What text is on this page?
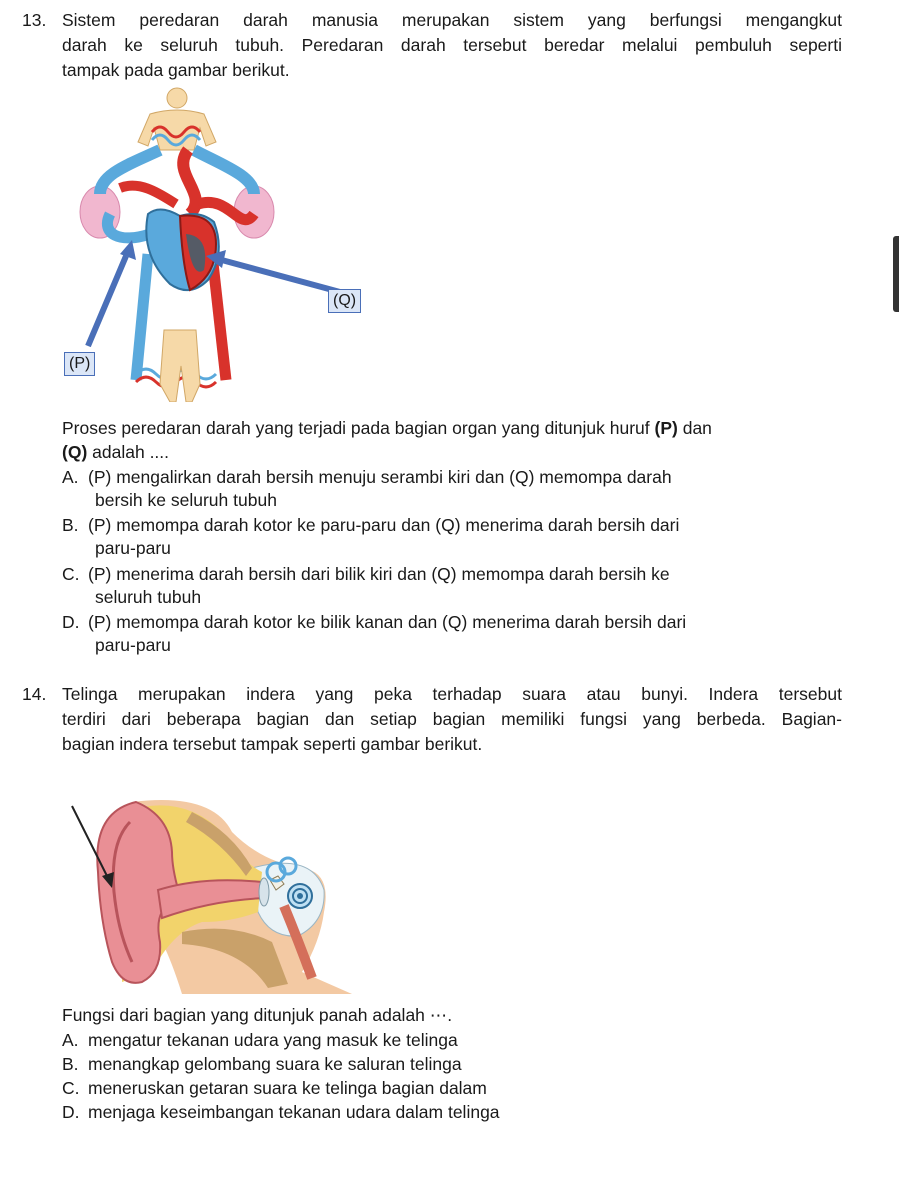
13. Sistem peredaran darah manusia merupakan sistem yang berfungsi mengangkut
darah ke seluruh tubuh. Peredaran darah tersebut beredar melalui pembuluh seperti
tampak pada gambar berikut.
(Q)
(P)
Proses peredaran darah yang terjadi pada bagian organ yang ditunjuk huruf (P) dan
(Q) adalah ....
A. (P) mengalirkan darah bersih menuju serambi kiri dan (Q) memompa darah
bersih ke seluruh tubuh
B. (P) memompa darah kotor ke paru-paru dan (Q) menerima darah bersih dari
paru-paru
C. (P) menerima darah bersih dari bilik kiri dan (Q) memompa darah bersih ke
seluruh tubuh
D. (P) memompa darah kotor ke bilik kanan dan (Q) menerima darah bersih dari
paru-paru
14. Telinga merupakan indera yang peka terhadap suara atau bunyi. Indera tersebut
terdiri dari beberapa bagian dan setiap bagian memiliki fungsi yang berbeda. Bagian-
bagian indera tersebut tampak seperti gambar berikut.
Fungsi dari bagian yang ditunjuk panah adalah ⋯.
A. mengatur tekanan udara yang masuk ke telinga
B. menangkap gelombang suara ke saluran telinga
C. meneruskan getaran suara ke telinga bagian dalam
D. menjaga keseimbangan tekanan udara dalam telinga
